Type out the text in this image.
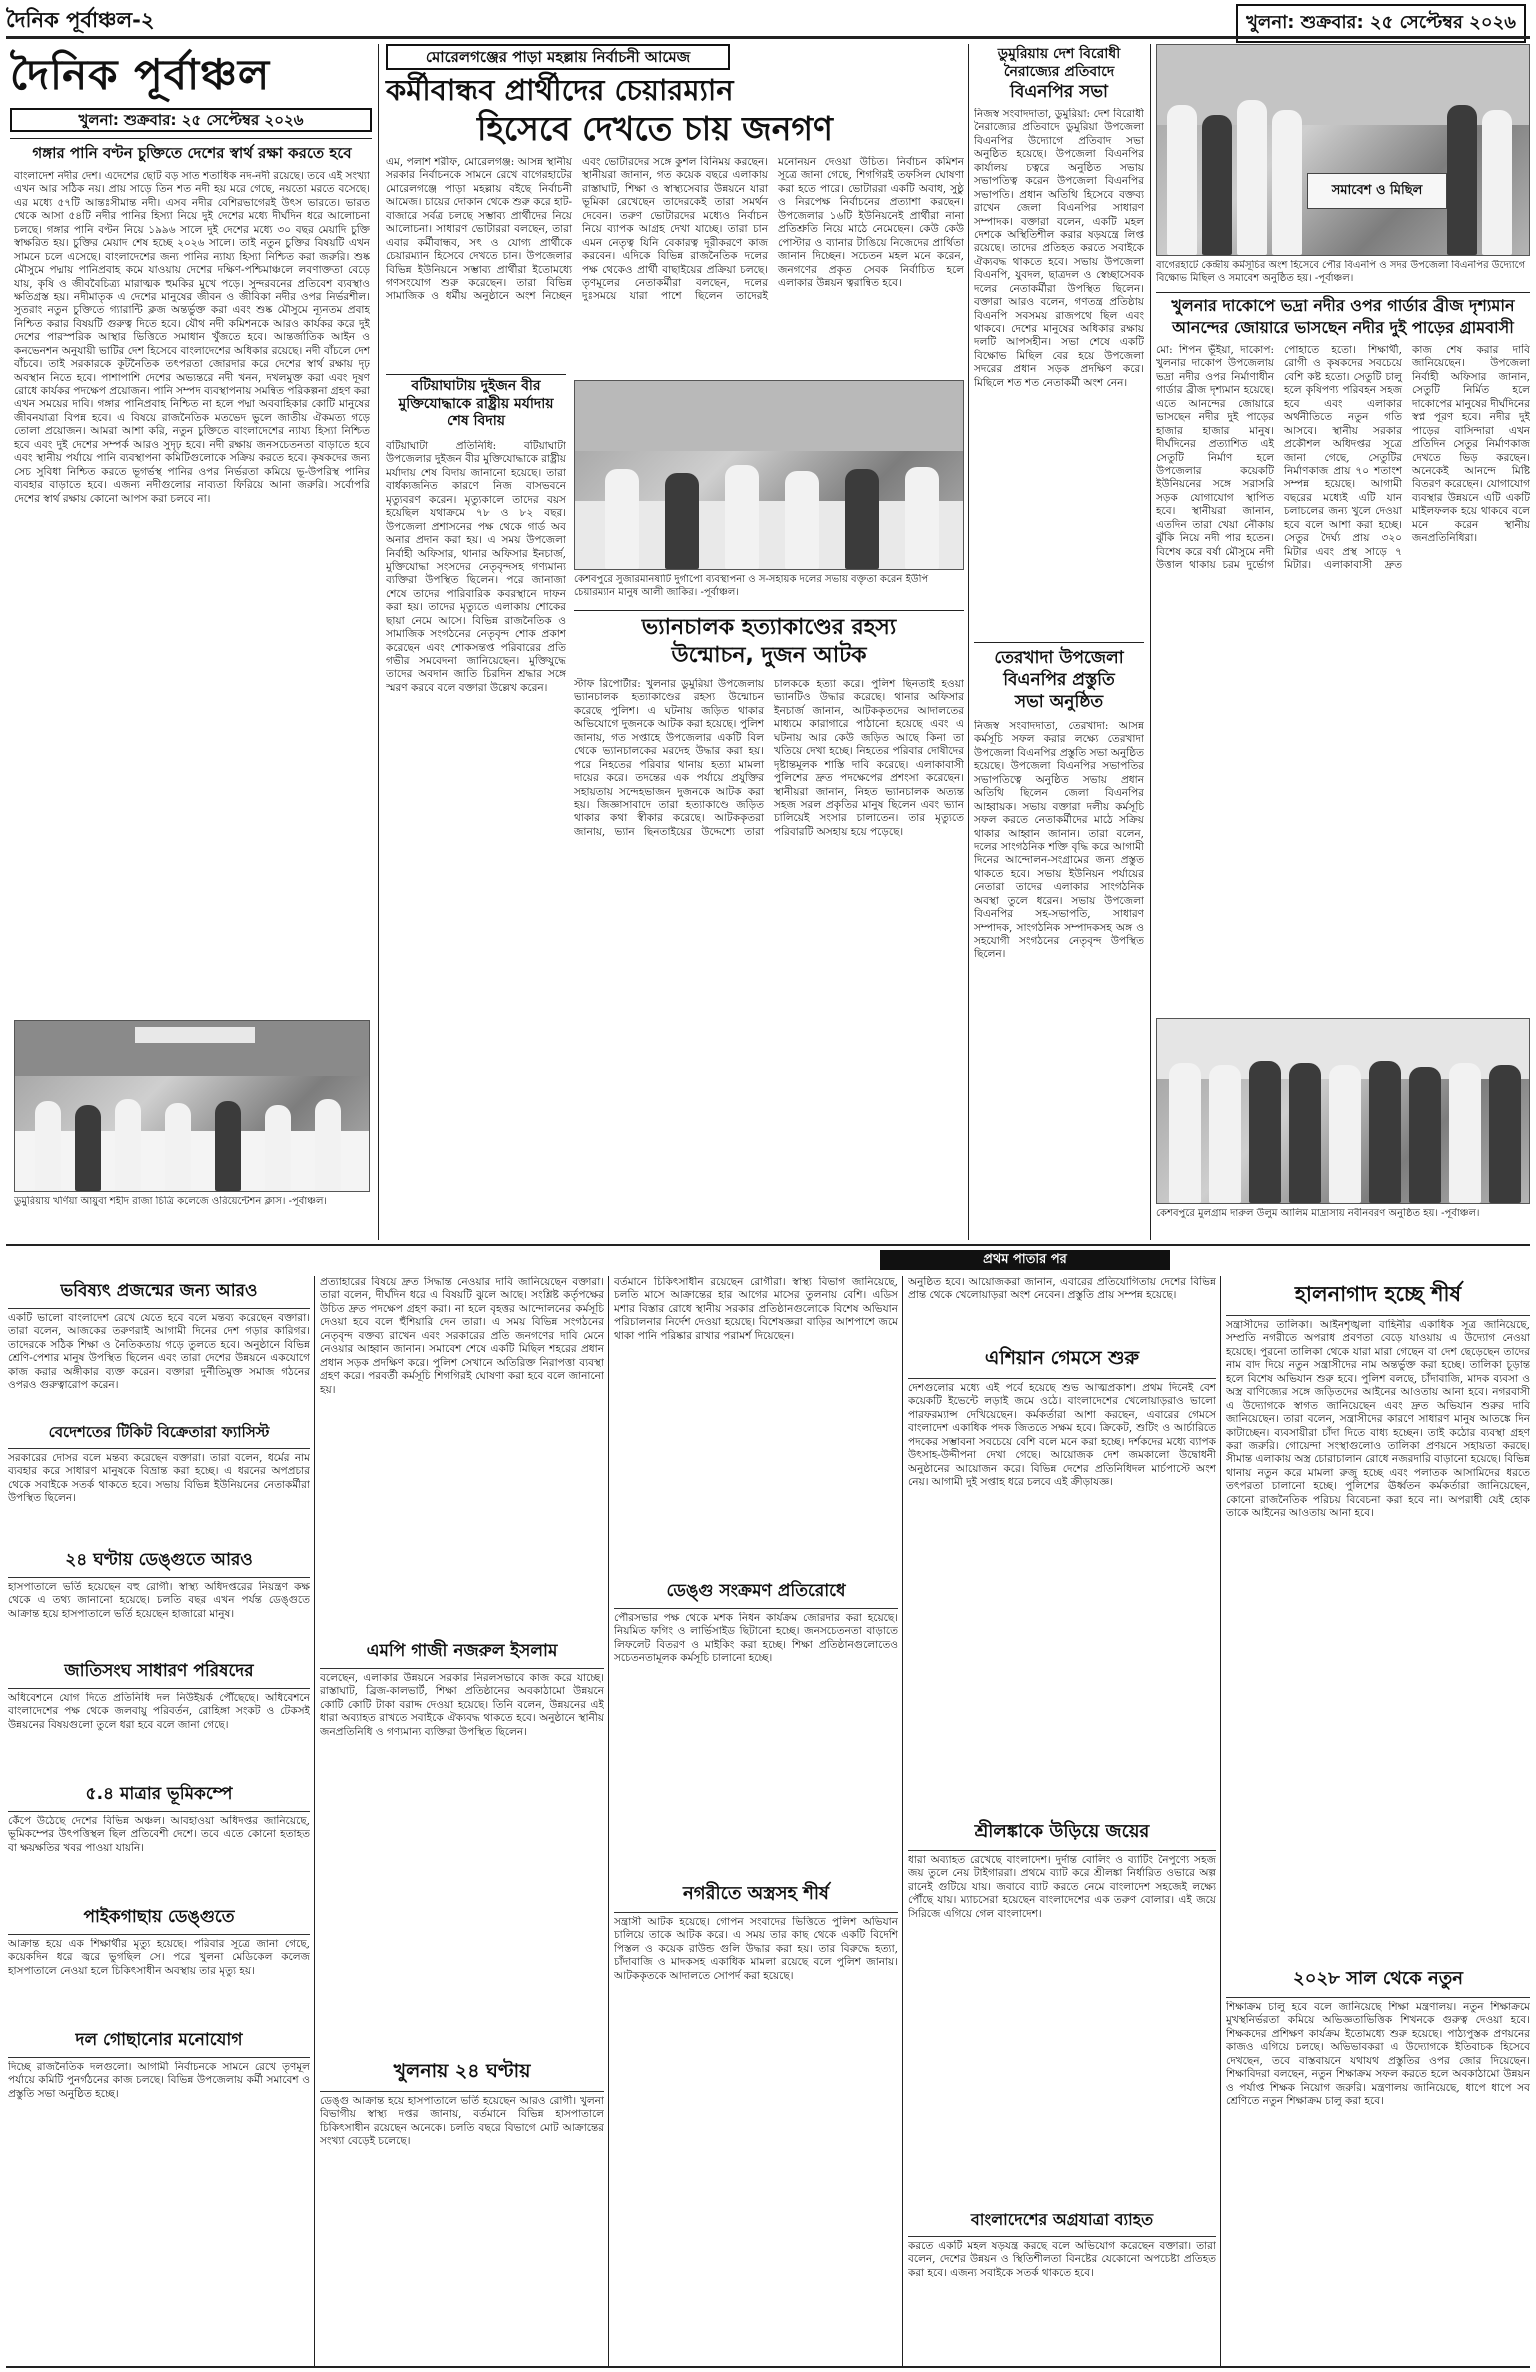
দৈনিক পূর্বাঞ্চল-২	খুলনা: শুক্রবার: ২৫ সেপ্টেম্বর ২০২৬
দৈনিক পূর্বাঞ্চল
খুলনা: শুক্রবার: ২৫ সেপ্টেম্বর ২০২৬
গঙ্গার পানি বণ্টন চুক্তিতে দেশের স্বার্থ রক্ষা করতে হবে
বাংলাদেশ নদীর দেশ। এদেশের ছোট বড় সাত শতাধিক নদ-নদী রয়েছে। তবে এই সংখ্যা এখন আর সঠিক নয়। প্রায় সাড়ে তিন শত নদী হয় মরে গেছে, নয়তো মরতে বসেছে। এর মধ্যে ৫৭টি আন্তঃসীমান্ত নদী। এসব নদীর বেশিরভাগেরই উৎস ভারতে। ভারত থেকে আসা ৫৪টি নদীর পানির হিস্যা নিয়ে দুই দেশের মধ্যে দীর্ঘদিন ধরে আলোচনা চলছে। গঙ্গার পানি বণ্টন নিয়ে ১৯৯৬ সালে দুই দেশের মধ্যে ৩০ বছর মেয়াদি চুক্তি স্বাক্ষরিত হয়। চুক্তির মেয়াদ শেষ হচ্ছে ২০২৬ সালে। তাই নতুন চুক্তির বিষয়টি এখন সামনে চলে এসেছে। বাংলাদেশের জন্য পানির ন্যায্য হিস্যা নিশ্চিত করা জরুরি। শুষ্ক মৌসুমে পদ্মায় পানিপ্রবাহ কমে যাওয়ায় দেশের দক্ষিণ-পশ্চিমাঞ্চলে লবণাক্ততা বেড়ে যায়, কৃষি ও জীববৈচিত্র্য মারাত্মক হুমকির মুখে পড়ে। সুন্দরবনের প্রতিবেশ ব্যবস্থাও ক্ষতিগ্রস্ত হয়। নদীমাতৃক এ দেশের মানুষের জীবন ও জীবিকা নদীর ওপর নির্ভরশীল। সুতরাং নতুন চুক্তিতে গ্যারান্টি ক্লজ অন্তর্ভুক্ত করা এবং শুষ্ক মৌসুমে ন্যূনতম প্রবাহ নিশ্চিত করার বিষয়টি গুরুত্ব দিতে হবে। যৌথ নদী কমিশনকে আরও কার্যকর করে দুই দেশের পারস্পরিক আস্থার ভিত্তিতে সমাধান খুঁজতে হবে। আন্তর্জাতিক আইন ও কনভেনশন অনুযায়ী ভাটির দেশ হিসেবে বাংলাদেশের অধিকার রয়েছে। নদী বাঁচলে দেশ বাঁচবে। তাই সরকারকে কূটনৈতিক তৎপরতা জোরদার করে দেশের স্বার্থ রক্ষায় দৃঢ় অবস্থান নিতে হবে। পাশাপাশি দেশের অভ্যন্তরে নদী খনন, দখলমুক্ত করা এবং দূষণ রোধে কার্যকর পদক্ষেপ প্রয়োজন। পানি সম্পদ ব্যবস্থাপনায় সমন্বিত পরিকল্পনা গ্রহণ করা এখন সময়ের দাবি। গঙ্গার পানিপ্রবাহ নিশ্চিত না হলে পদ্মা অববাহিকার কোটি মানুষের জীবনযাত্রা বিপন্ন হবে। এ বিষয়ে রাজনৈতিক মতভেদ ভুলে জাতীয় ঐকমত্য গড়ে তোলা প্রয়োজন। আমরা আশা করি, নতুন চুক্তিতে বাংলাদেশের ন্যায্য হিস্যা নিশ্চিত হবে এবং দুই দেশের সম্পর্ক আরও সুদৃঢ় হবে। নদী রক্ষায় জনসচেতনতা বাড়াতে হবে এবং স্থানীয় পর্যায়ে পানি ব্যবস্থাপনা কমিটিগুলোকে সক্রিয় করতে হবে। কৃষকদের জন্য সেচ সুবিধা নিশ্চিত করতে ভূগর্ভস্থ পানির ওপর নির্ভরতা কমিয়ে ভূ-উপরিস্থ পানির ব্যবহার বাড়াতে হবে। এজন্য নদীগুলোর নাব্যতা ফিরিয়ে আনা জরুরি। সর্বোপরি দেশের স্বার্থ রক্ষায় কোনো আপস করা চলবে না।
ডুমুরিয়ায় খর্ণিয়া আয়ুবা শহীদ রাজা চিত্রি কলেজে ওরিয়েন্টেশন ক্লাস। -পূর্বাঞ্চল।
মোরেলগঞ্জের পাড়া মহল্লায় নির্বাচনী আমেজ
কর্মীবান্ধব প্রার্থীদের চেয়ারম্যান
হিসেবে দেখতে চায় জনগণ
এম, পলাশ শরীফ, মোরেলগঞ্জ: আসন্ন স্থানীয় সরকার নির্বাচনকে সামনে রেখে বাগেরহাটের মোরেলগঞ্জে পাড়া মহল্লায় বইছে নির্বাচনী আমেজ। চায়ের দোকান থেকে শুরু করে হাট-বাজারে সর্বত্র চলছে সম্ভাব্য প্রার্থীদের নিয়ে আলোচনা। সাধারণ ভোটাররা বলছেন, তারা এবার কর্মীবান্ধব, সৎ ও যোগ্য প্রার্থীকে চেয়ারম্যান হিসেবে দেখতে চান। উপজেলার বিভিন্ন ইউনিয়নে সম্ভাব্য প্রার্থীরা ইতোমধ্যে গণসংযোগ শুরু করেছেন। তারা বিভিন্ন সামাজিক ও ধর্মীয় অনুষ্ঠানে অংশ নিচ্ছেন এবং ভোটারদের সঙ্গে কুশল বিনিময় করছেন। স্থানীয়রা জানান, গত কয়েক বছরে এলাকায় রাস্তাঘাট, শিক্ষা ও স্বাস্থ্যসেবার উন্নয়নে যারা ভূমিকা রেখেছেন তাদেরকেই তারা সমর্থন দেবেন। তরুণ ভোটারদের মধ্যেও নির্বাচন নিয়ে ব্যাপক আগ্রহ দেখা যাচ্ছে। তারা চান এমন নেতৃত্ব যিনি বেকারত্ব দূরীকরণে কাজ করবেন। এদিকে বিভিন্ন রাজনৈতিক দলের পক্ষ থেকেও প্রার্থী বাছাইয়ের প্রক্রিয়া চলছে। তৃণমূলের নেতাকর্মীরা বলছেন, দলের দুঃসময়ে যারা পাশে ছিলেন তাদেরই মনোনয়ন দেওয়া উচিত। নির্বাচন কমিশন সূত্রে জানা গেছে, শিগগিরই তফসিল ঘোষণা করা হতে পারে। ভোটাররা একটি অবাধ, সুষ্ঠু ও নিরপেক্ষ নির্বাচনের প্রত্যাশা করছেন। উপজেলার ১৬টি ইউনিয়নেই প্রার্থীরা নানা প্রতিশ্রুতি নিয়ে মাঠে নেমেছেন। কেউ কেউ পোস্টার ও ব্যানার টাঙিয়ে নিজেদের প্রার্থিতা জানান দিচ্ছেন। সচেতন মহল মনে করেন, জনগণের প্রকৃত সেবক নির্বাচিত হলে এলাকার উন্নয়ন ত্বরান্বিত হবে।
বটিয়াঘাটায় দুইজন বীর মুক্তিযোদ্ধাকে রাষ্ট্রীয় মর্যাদায় শেষ বিদায়
বটিয়াঘাটা প্রতিনিধি: বটিয়াঘাটা উপজেলার দুইজন বীর মুক্তিযোদ্ধাকে রাষ্ট্রীয় মর্যাদায় শেষ বিদায় জানানো হয়েছে। তারা বার্ধক্যজনিত কারণে নিজ বাসভবনে মৃত্যুবরণ করেন। মৃত্যুকালে তাদের বয়স হয়েছিল যথাক্রমে ৭৮ ও ৮২ বছর। উপজেলা প্রশাসনের পক্ষ থেকে গার্ড অব অনার প্রদান করা হয়। এ সময় উপজেলা নির্বাহী অফিসার, থানার অফিসার ইনচার্জ, মুক্তিযোদ্ধা সংসদের নেতৃবৃন্দসহ গণ্যমান্য ব্যক্তিরা উপস্থিত ছিলেন। পরে জানাজা শেষে তাদের পারিবারিক কবরস্থানে দাফন করা হয়। তাদের মৃত্যুতে এলাকায় শোকের ছায়া নেমে আসে। বিভিন্ন রাজনৈতিক ও সামাজিক সংগঠনের নেতৃবৃন্দ শোক প্রকাশ করেছেন এবং শোকসন্তপ্ত পরিবারের প্রতি গভীর সমবেদনা জানিয়েছেন। মুক্তিযুদ্ধে তাদের অবদান জাতি চিরদিন শ্রদ্ধার সঙ্গে স্মরণ করবে বলে বক্তারা উল্লেখ করেন।
কেশবপুরে সুজারমানষাটি দুর্গাপো ব্যবস্থাপনা ও স-সহায়ক দলের সভায় বক্তৃতা করেন ইউপি চেয়ারম্যান মানুষ আলী জাকির। -পূর্বাঞ্চল।
ভ্যানচালক হত্যাকাণ্ডের রহস্য
উন্মোচন, দুজন আটক
স্টাফ রিপোর্টার: খুলনার ডুমুরিয়া উপজেলায় ভ্যানচালক হত্যাকাণ্ডের রহস্য উন্মোচন করেছে পুলিশ। এ ঘটনায় জড়িত থাকার অভিযোগে দুজনকে আটক করা হয়েছে। পুলিশ জানায়, গত সপ্তাহে উপজেলার একটি বিল থেকে ভ্যানচালকের মরদেহ উদ্ধার করা হয়। পরে নিহতের পরিবার থানায় হত্যা মামলা দায়ের করে। তদন্তের এক পর্যায়ে প্রযুক্তির সহায়তায় সন্দেহভাজন দুজনকে আটক করা হয়। জিজ্ঞাসাবাদে তারা হত্যাকাণ্ডে জড়িত থাকার কথা স্বীকার করেছে। আটককৃতরা জানায়, ভ্যান ছিনতাইয়ের উদ্দেশ্যে তারা চালককে হত্যা করে। পুলিশ ছিনতাই হওয়া ভ্যানটিও উদ্ধার করেছে। থানার অফিসার ইনচার্জ জানান, আটককৃতদের আদালতের মাধ্যমে কারাগারে পাঠানো হয়েছে এবং এ ঘটনায় আর কেউ জড়িত আছে কিনা তা খতিয়ে দেখা হচ্ছে। নিহতের পরিবার দোষীদের দৃষ্টান্তমূলক শাস্তি দাবি করেছে। এলাকাবাসী পুলিশের দ্রুত পদক্ষেপের প্রশংসা করেছেন। স্থানীয়রা জানান, নিহত ভ্যানচালক অত্যন্ত সহজ সরল প্রকৃতির মানুষ ছিলেন এবং ভ্যান চালিয়েই সংসার চালাতেন। তার মৃত্যুতে পরিবারটি অসহায় হয়ে পড়েছে।
ডুমুরিয়ায় দেশ বিরোধী
নৈরাজ্যের প্রতিবাদে
বিএনপির সভা
নিজস্ব সংবাদদাতা, ডুমুরিয়া: দেশ বিরোধী নৈরাজ্যের প্রতিবাদে ডুমুরিয়া উপজেলা বিএনপির উদ্যোগে প্রতিবাদ সভা অনুষ্ঠিত হয়েছে। উপজেলা বিএনপির কার্যালয় চত্বরে অনুষ্ঠিত সভায় সভাপতিত্ব করেন উপজেলা বিএনপির সভাপতি। প্রধান অতিথি হিসেবে বক্তব্য রাখেন জেলা বিএনপির সাধারণ সম্পাদক। বক্তারা বলেন, একটি মহল দেশকে অস্থিতিশীল করার ষড়যন্ত্রে লিপ্ত রয়েছে। তাদের প্রতিহত করতে সবাইকে ঐক্যবদ্ধ থাকতে হবে। সভায় উপজেলা বিএনপি, যুবদল, ছাত্রদল ও স্বেচ্ছাসেবক দলের নেতাকর্মীরা উপস্থিত ছিলেন। বক্তারা আরও বলেন, গণতন্ত্র প্রতিষ্ঠায় বিএনপি সবসময় রাজপথে ছিল এবং থাকবে। দেশের মানুষের অধিকার রক্ষায় দলটি আপসহীন। সভা শেষে একটি বিক্ষোভ মিছিল বের হয়ে উপজেলা সদরের প্রধান সড়ক প্রদক্ষিণ করে। মিছিলে শত শত নেতাকর্মী অংশ নেন।
তেরখাদা উপজেলা
বিএনপির প্রস্তুতি
সভা অনুষ্ঠিত
নিজস্ব সংবাদদাতা, তেরখাদা: আসন্ন কর্মসূচি সফল করার লক্ষ্যে তেরখাদা উপজেলা বিএনপির প্রস্তুতি সভা অনুষ্ঠিত হয়েছে। উপজেলা বিএনপির সভাপতির সভাপতিত্বে অনুষ্ঠিত সভায় প্রধান অতিথি ছিলেন জেলা বিএনপির আহ্বায়ক। সভায় বক্তারা দলীয় কর্মসূচি সফল করতে নেতাকর্মীদের মাঠে সক্রিয় থাকার আহ্বান জানান। তারা বলেন, দলের সাংগঠনিক শক্তি বৃদ্ধি করে আগামী দিনের আন্দোলন-সংগ্রামের জন্য প্রস্তুত থাকতে হবে। সভায় ইউনিয়ন পর্যায়ের নেতারা তাদের এলাকার সাংগঠনিক অবস্থা তুলে ধরেন। সভায় উপজেলা বিএনপির সহ-সভাপতি, সাধারণ সম্পাদক, সাংগঠনিক সম্পাদকসহ অঙ্গ ও সহযোগী সংগঠনের নেতৃবৃন্দ উপস্থিত ছিলেন।
সমাবেশ ও মিছিল
বাগেরহাটে কেন্দ্রীয় কর্মসূচির অংশ হিসেবে পৌর বিএনপি ও সদর উপজেলা বিএনপির উদ্যোগে বিক্ষোভ মিছিল ও সমাবেশ অনুষ্ঠিত হয়। -পূর্বাঞ্চল।
খুলনার দাকোপে ভদ্রা নদীর ওপর গার্ডার ব্রীজ দৃশ্যমান
আনন্দের জোয়ারে ভাসছেন নদীর দুই পাড়ের গ্রামবাসী
মো: শিপন ভূঁইয়া, দাকোপ: খুলনার দাকোপ উপজেলায় ভদ্রা নদীর ওপর নির্মাণাধীন গার্ডার ব্রীজ দৃশ্যমান হয়েছে। এতে আনন্দের জোয়ারে ভাসছেন নদীর দুই পাড়ের হাজার হাজার মানুষ। দীর্ঘদিনের প্রত্যাশিত এই সেতুটি নির্মাণ হলে উপজেলার কয়েকটি ইউনিয়নের সঙ্গে সরাসরি সড়ক যোগাযোগ স্থাপিত হবে। স্থানীয়রা জানান, এতদিন তারা খেয়া নৌকায় ঝুঁকি নিয়ে নদী পার হতেন। বিশেষ করে বর্ষা মৌসুমে নদী উত্তাল থাকায় চরম দুর্ভোগ পোহাতে হতো। শিক্ষার্থী, রোগী ও কৃষকদের সবচেয়ে বেশি কষ্ট হতো। সেতুটি চালু হলে কৃষিপণ্য পরিবহন সহজ হবে এবং এলাকার অর্থনীতিতে নতুন গতি আসবে। স্থানীয় সরকার প্রকৌশল অধিদপ্তর সূত্রে জানা গেছে, সেতুটির নির্মাণকাজ প্রায় ৭০ শতাংশ সম্পন্ন হয়েছে। আগামী বছরের মধ্যেই এটি যান চলাচলের জন্য খুলে দেওয়া হবে বলে আশা করা হচ্ছে। সেতুর দৈর্ঘ্য প্রায় ৩২০ মিটার এবং প্রস্থ সাড়ে ৭ মিটার। এলাকাবাসী দ্রুত কাজ শেষ করার দাবি জানিয়েছেন। উপজেলা নির্বাহী অফিসার জানান, সেতুটি নির্মিত হলে দাকোপের মানুষের দীর্ঘদিনের স্বপ্ন পূরণ হবে। নদীর দুই পাড়ের বাসিন্দারা এখন প্রতিদিন সেতুর নির্মাণকাজ দেখতে ভিড় করছেন। অনেকেই আনন্দে মিষ্টি বিতরণ করেছেন। যোগাযোগ ব্যবস্থার উন্নয়নে এটি একটি মাইলফলক হয়ে থাকবে বলে মনে করেন স্থানীয় জনপ্রতিনিধিরা।
কেশবপুরে মুলগ্রাম দারুল উলুম আলিম মাদ্রাসায় নবীনবরণ অনুষ্ঠিত হয়। -পূর্বাঞ্চল।
প্রথম পাতার পর
ভবিষ্যৎ প্রজন্মের জন্য আরও
একটি ভালো বাংলাদেশ রেখে যেতে হবে বলে মন্তব্য করেছেন বক্তারা। তারা বলেন, আজকের তরুণরাই আগামী দিনের দেশ গড়ার কারিগর। তাদেরকে সঠিক শিক্ষা ও নৈতিকতায় গড়ে তুলতে হবে। অনুষ্ঠানে বিভিন্ন শ্রেণি-পেশার মানুষ উপস্থিত ছিলেন এবং তারা দেশের উন্নয়নে একযোগে কাজ করার অঙ্গীকার ব্যক্ত করেন। বক্তারা দুর্নীতিমুক্ত সমাজ গঠনের ওপরও গুরুত্বারোপ করেন।
বেদেশতের টিকিট বিক্রেতারা ফ্যাসিস্ট
সরকারের দোসর বলে মন্তব্য করেছেন বক্তারা। তারা বলেন, ধর্মের নাম ব্যবহার করে সাধারণ মানুষকে বিভ্রান্ত করা হচ্ছে। এ ধরনের অপপ্রচার থেকে সবাইকে সতর্ক থাকতে হবে। সভায় বিভিন্ন ইউনিয়নের নেতাকর্মীরা উপস্থিত ছিলেন।
২৪ ঘণ্টায় ডেঙ্গুতে আরও
হাসপাতালে ভর্তি হয়েছেন বহু রোগী। স্বাস্থ্য অধিদপ্তরের নিয়ন্ত্রণ কক্ষ থেকে এ তথ্য জানানো হয়েছে। চলতি বছর এখন পর্যন্ত ডেঙ্গুতে আক্রান্ত হয়ে হাসপাতালে ভর্তি হয়েছেন হাজারো মানুষ।
জাতিসংঘ সাধারণ পরিষদের
অধিবেশনে যোগ দিতে প্রতিনিধি দল নিউইয়র্ক পৌঁছেছে। অধিবেশনে বাংলাদেশের পক্ষ থেকে জলবায়ু পরিবর্তন, রোহিঙ্গা সংকট ও টেকসই উন্নয়নের বিষয়গুলো তুলে ধরা হবে বলে জানা গেছে।
৫.৪ মাত্রার ভূমিকম্পে
কেঁপে উঠেছে দেশের বিভিন্ন অঞ্চল। আবহাওয়া অধিদপ্তর জানিয়েছে, ভূমিকম্পের উৎপত্তিস্থল ছিল প্রতিবেশী দেশে। তবে এতে কোনো হতাহত বা ক্ষয়ক্ষতির খবর পাওয়া যায়নি।
পাইকগাছায় ডেঙ্গুতে
আক্রান্ত হয়ে এক শিক্ষার্থীর মৃত্যু হয়েছে। পরিবার সূত্রে জানা গেছে, কয়েকদিন ধরে জ্বরে ভুগছিল সে। পরে খুলনা মেডিকেল কলেজ হাসপাতালে নেওয়া হলে চিকিৎসাধীন অবস্থায় তার মৃত্যু হয়।
দল গোছানোর মনোযোগ
দিচ্ছে রাজনৈতিক দলগুলো। আগামী নির্বাচনকে সামনে রেখে তৃণমূল পর্যায়ে কমিটি পুনর্গঠনের কাজ চলছে। বিভিন্ন উপজেলায় কর্মী সমাবেশ ও প্রস্তুতি সভা অনুষ্ঠিত হচ্ছে।
প্রত্যাহারের বিষয়ে দ্রুত সিদ্ধান্ত নেওয়ার দাবি জানিয়েছেন বক্তারা। তারা বলেন, দীর্ঘদিন ধরে এ বিষয়টি ঝুলে আছে। সংশ্লিষ্ট কর্তৃপক্ষের উচিত দ্রুত পদক্ষেপ গ্রহণ করা। না হলে বৃহত্তর আন্দোলনের কর্মসূচি দেওয়া হবে বলে হুঁশিয়ারি দেন তারা। এ সময় বিভিন্ন সংগঠনের নেতৃবৃন্দ বক্তব্য রাখেন এবং সরকারের প্রতি জনগণের দাবি মেনে নেওয়ার আহ্বান জানান। সমাবেশ শেষে একটি মিছিল শহরের প্রধান প্রধান সড়ক প্রদক্ষিণ করে। পুলিশ সেখানে অতিরিক্ত নিরাপত্তা ব্যবস্থা গ্রহণ করে। পরবর্তী কর্মসূচি শিগগিরই ঘোষণা করা হবে বলে জানানো হয়।
এমপি গাজী নজরুল ইসলাম
বলেছেন, এলাকার উন্নয়নে সরকার নিরলসভাবে কাজ করে যাচ্ছে। রাস্তাঘাট, ব্রিজ-কালভার্ট, শিক্ষা প্রতিষ্ঠানের অবকাঠামো উন্নয়নে কোটি কোটি টাকা বরাদ্দ দেওয়া হয়েছে। তিনি বলেন, উন্নয়নের এই ধারা অব্যাহত রাখতে সবাইকে ঐক্যবদ্ধ থাকতে হবে। অনুষ্ঠানে স্থানীয় জনপ্রতিনিধি ও গণ্যমান্য ব্যক্তিরা উপস্থিত ছিলেন।
খুলনায় ২৪ ঘণ্টায়
ডেঙ্গু আক্রান্ত হয়ে হাসপাতালে ভর্তি হয়েছেন আরও রোগী। খুলনা বিভাগীয় স্বাস্থ্য দপ্তর জানায়, বর্তমানে বিভিন্ন হাসপাতালে চিকিৎসাধীন রয়েছেন অনেকে। চলতি বছরে বিভাগে মোট আক্রান্তের সংখ্যা বেড়েই চলেছে।
বর্তমানে চিকিৎসাধীন রয়েছেন রোগীরা। স্বাস্থ্য বিভাগ জানিয়েছে, চলতি মাসে আক্রান্তের হার আগের মাসের তুলনায় বেশি। এডিস মশার বিস্তার রোধে স্থানীয় সরকার প্রতিষ্ঠানগুলোকে বিশেষ অভিযান পরিচালনার নির্দেশ দেওয়া হয়েছে। বিশেষজ্ঞরা বাড়ির আশপাশে জমে থাকা পানি পরিষ্কার রাখার পরামর্শ দিয়েছেন।
ডেঙ্গু সংক্রমণ প্রতিরোধে
পৌরসভার পক্ষ থেকে মশক নিধন কার্যক্রম জোরদার করা হয়েছে। নিয়মিত ফগিং ও লার্ভিসাইড ছিটানো হচ্ছে। জনসচেতনতা বাড়াতে লিফলেট বিতরণ ও মাইকিং করা হচ্ছে। শিক্ষা প্রতিষ্ঠানগুলোতেও সচেতনতামূলক কর্মসূচি চালানো হচ্ছে।
নগরীতে অস্ত্রসহ শীর্ষ
সন্ত্রাসী আটক হয়েছে। গোপন সংবাদের ভিত্তিতে পুলিশ অভিযান চালিয়ে তাকে আটক করে। এ সময় তার কাছ থেকে একটি বিদেশি পিস্তল ও কয়েক রাউন্ড গুলি উদ্ধার করা হয়। তার বিরুদ্ধে হত্যা, চাঁদাবাজি ও মাদকসহ একাধিক মামলা রয়েছে বলে পুলিশ জানায়। আটককৃতকে আদালতে সোপর্দ করা হয়েছে।
অনুষ্ঠিত হবে। আয়োজকরা জানান, এবারের প্রতিযোগিতায় দেশের বিভিন্ন প্রান্ত থেকে খেলোয়াড়রা অংশ নেবেন। প্রস্তুতি প্রায় সম্পন্ন হয়েছে।
এশিয়ান গেমসে শুরু
দেশগুলোর মধ্যে এই পর্বে হয়েছে শুভ আত্মপ্রকাশ। প্রথম দিনেই বেশ কয়েকটি ইভেন্টে লড়াই জমে ওঠে। বাংলাদেশের খেলোয়াড়রাও ভালো পারফরম্যান্স দেখিয়েছেন। কর্মকর্তারা আশা করছেন, এবারের গেমসে বাংলাদেশ একাধিক পদক জিততে সক্ষম হবে। ক্রিকেট, শুটিং ও আর্চারিতে পদকের সম্ভাবনা সবচেয়ে বেশি বলে মনে করা হচ্ছে। দর্শকদের মধ্যে ব্যাপক উৎসাহ-উদ্দীপনা দেখা গেছে। আয়োজক দেশ জমকালো উদ্বোধনী অনুষ্ঠানের আয়োজন করে। বিভিন্ন দেশের প্রতিনিধিদল মার্চপাস্টে অংশ নেয়। আগামী দুই সপ্তাহ ধরে চলবে এই ক্রীড়াযজ্ঞ।
শ্রীলঙ্কাকে উড়িয়ে জয়ের
ধারা অব্যাহত রেখেছে বাংলাদেশ। দুর্দান্ত বোলিং ও ব্যাটিং নৈপুণ্যে সহজ জয় তুলে নেয় টাইগাররা। প্রথমে ব্যাট করে শ্রীলঙ্কা নির্ধারিত ওভারে অল্প রানেই গুটিয়ে যায়। জবাবে ব্যাট করতে নেমে বাংলাদেশ সহজেই লক্ষ্যে পৌঁছে যায়। ম্যাচসেরা হয়েছেন বাংলাদেশের এক তরুণ বোলার। এই জয়ে সিরিজে এগিয়ে গেল বাংলাদেশ।
বাংলাদেশের অগ্রযাত্রা ব্যাহত
করতে একটি মহল ষড়যন্ত্র করছে বলে অভিযোগ করেছেন বক্তারা। তারা বলেন, দেশের উন্নয়ন ও স্থিতিশীলতা বিনষ্টের যেকোনো অপচেষ্টা প্রতিহত করা হবে। এজন্য সবাইকে সতর্ক থাকতে হবে।
হালনাগাদ হচ্ছে শীর্ষ
সন্ত্রাসীদের তালিকা। আইনশৃঙ্খলা বাহিনীর একাধিক সূত্র জানিয়েছে, সম্প্রতি নগরীতে অপরাধ প্রবণতা বেড়ে যাওয়ায় এ উদ্যোগ নেওয়া হয়েছে। পুরনো তালিকা থেকে যারা মারা গেছেন বা দেশ ছেড়েছেন তাদের নাম বাদ দিয়ে নতুন সন্ত্রাসীদের নাম অন্তর্ভুক্ত করা হচ্ছে। তালিকা চূড়ান্ত হলে বিশেষ অভিযান শুরু হবে। পুলিশ বলছে, চাঁদাবাজি, মাদক ব্যবসা ও অস্ত্র বাণিজ্যের সঙ্গে জড়িতদের আইনের আওতায় আনা হবে। নগরবাসী এ উদ্যোগকে স্বাগত জানিয়েছেন এবং দ্রুত অভিযান শুরুর দাবি জানিয়েছেন। তারা বলেন, সন্ত্রাসীদের কারণে সাধারণ মানুষ আতঙ্কে দিন কাটাচ্ছেন। ব্যবসায়ীরা চাঁদা দিতে বাধ্য হচ্ছেন। তাই কঠোর ব্যবস্থা গ্রহণ করা জরুরি। গোয়েন্দা সংস্থাগুলোও তালিকা প্রণয়নে সহায়তা করছে। সীমান্ত এলাকায় অস্ত্র চোরাচালান রোধে নজরদারি বাড়ানো হয়েছে। বিভিন্ন থানায় নতুন করে মামলা রুজু হচ্ছে এবং পলাতক আসামিদের ধরতে তৎপরতা চালানো হচ্ছে। পুলিশের ঊর্ধ্বতন কর্মকর্তারা জানিয়েছেন, কোনো রাজনৈতিক পরিচয় বিবেচনা করা হবে না। অপরাধী যেই হোক তাকে আইনের আওতায় আনা হবে।
২০২৮ সাল থেকে নতুন
শিক্ষাক্রম চালু হবে বলে জানিয়েছে শিক্ষা মন্ত্রণালয়। নতুন শিক্ষাক্রমে মুখস্থনির্ভরতা কমিয়ে অভিজ্ঞতাভিত্তিক শিখনকে গুরুত্ব দেওয়া হবে। শিক্ষকদের প্রশিক্ষণ কার্যক্রম ইতোমধ্যে শুরু হয়েছে। পাঠ্যপুস্তক প্রণয়নের কাজও এগিয়ে চলছে। অভিভাবকরা এ উদ্যোগকে ইতিবাচক হিসেবে দেখছেন, তবে বাস্তবায়নে যথাযথ প্রস্তুতির ওপর জোর দিয়েছেন। শিক্ষাবিদরা বলছেন, নতুন শিক্ষাক্রম সফল করতে হলে অবকাঠামো উন্নয়ন ও পর্যাপ্ত শিক্ষক নিয়োগ জরুরি। মন্ত্রণালয় জানিয়েছে, ধাপে ধাপে সব শ্রেণিতে নতুন শিক্ষাক্রম চালু করা হবে।
